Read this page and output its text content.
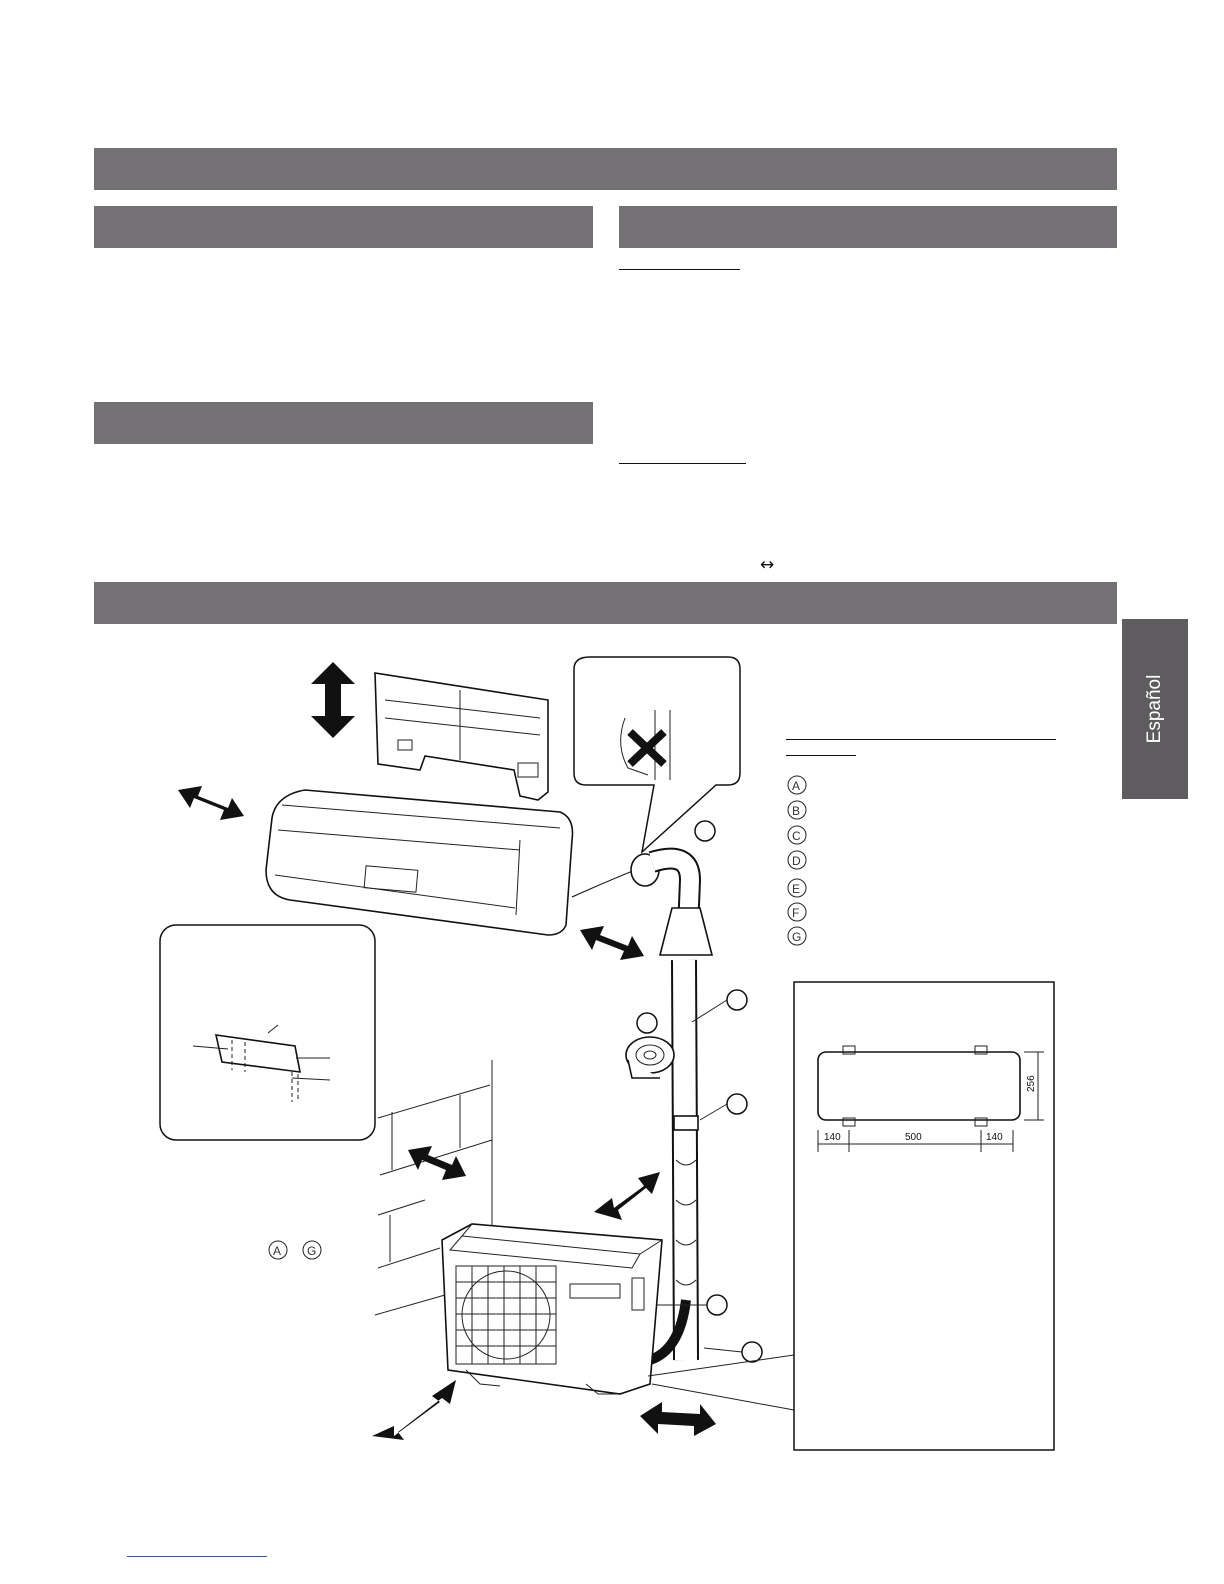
↔
Español
140	500	140
256
A
B
C
D
E
F
G
A G
